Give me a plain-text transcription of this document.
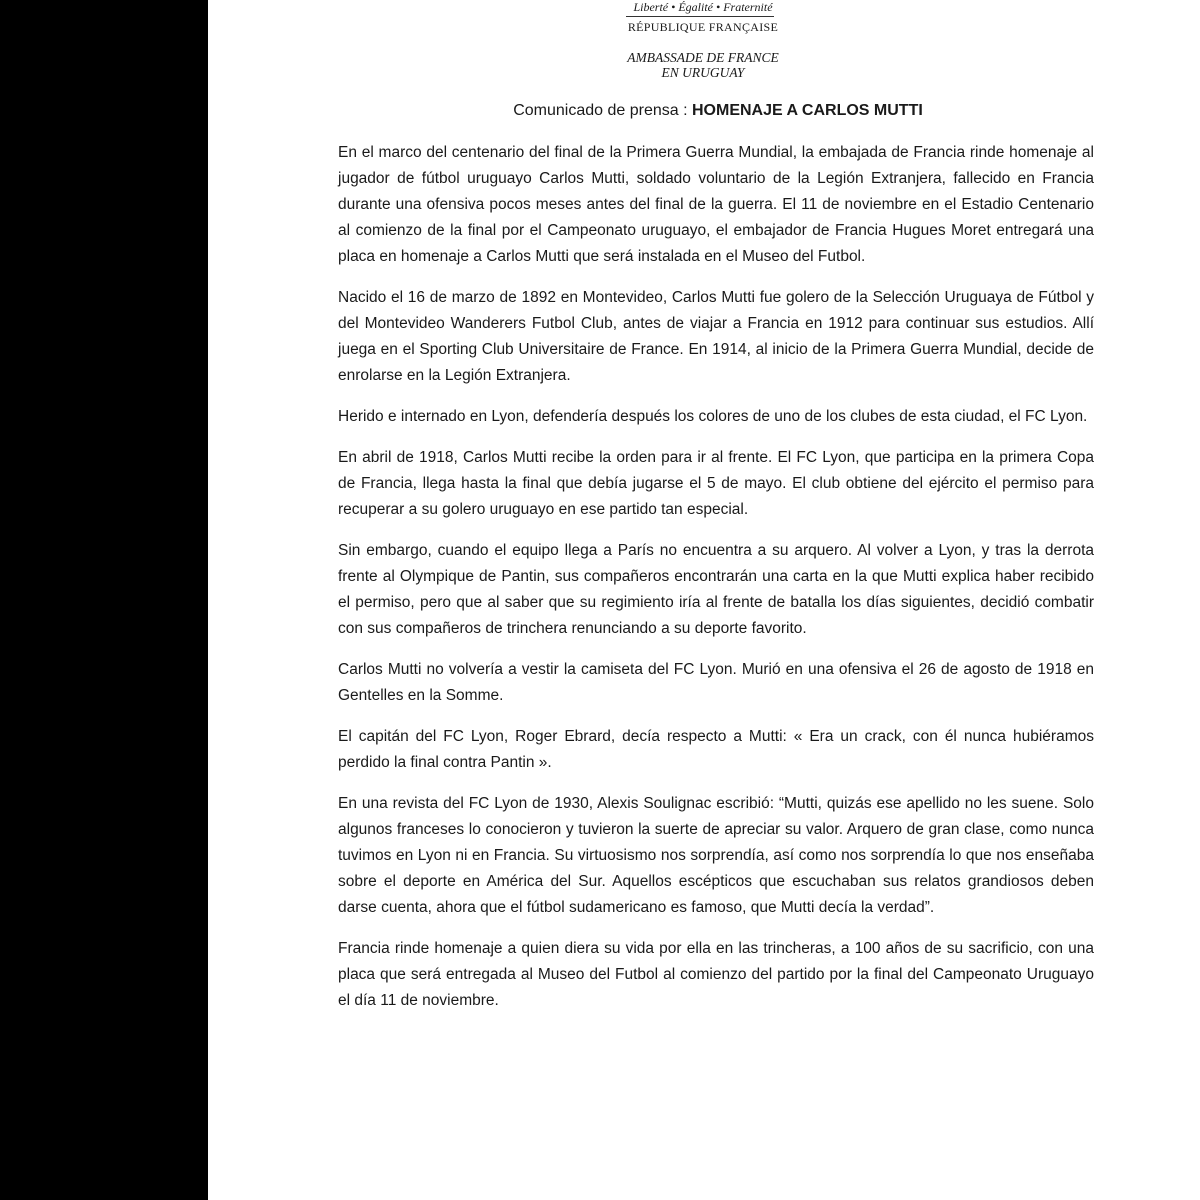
Liberté • Égalité • Fraternité
RÉPUBLIQUE FRANÇAISE
AMBASSADE DE FRANCE
EN URUGUAY
Comunicado de prensa : HOMENAJE A CARLOS MUTTI

En el marco del centenario del final de la Primera Guerra Mundial, la embajada de Francia rinde homenaje al jugador de fútbol uruguayo Carlos Mutti, soldado voluntario de la Legión Extranjera, fallecido en Francia durante una ofensiva pocos meses antes del final de la guerra. El 11 de noviembre en el Estadio Centenario al comienzo de la final por el Campeonato uruguayo, el embajador de Francia Hugues Moret entregará una placa en homenaje a Carlos Mutti que será instalada en el Museo del Futbol.

Nacido el 16 de marzo de 1892 en Montevideo, Carlos Mutti fue golero de la Selección Uruguaya de Fútbol y del Montevideo Wanderers Futbol Club, antes de viajar a Francia en 1912 para continuar sus estudios. Allí juega en el Sporting Club Universitaire de France. En 1914, al inicio de la Primera Guerra Mundial, decide de enrolarse en la Legión Extranjera.

Herido e internado en Lyon, defendería después los colores de uno de los clubes de esta ciudad, el FC Lyon.

En abril de 1918, Carlos Mutti recibe la orden para ir al frente. El FC Lyon, que participa en la primera Copa de Francia, llega hasta la final que debía jugarse el 5 de mayo. El club obtiene del ejército el permiso para recuperar a su golero uruguayo en ese partido tan especial.

Sin embargo, cuando el equipo llega a París no encuentra a su arquero. Al volver a Lyon, y tras la derrota frente al Olympique de Pantin, sus compañeros encontrarán una carta en la que Mutti explica haber recibido el permiso, pero que al saber que su regimiento iría al frente de batalla los días siguientes, decidió combatir con sus compañeros de trinchera renunciando a su deporte favorito.

Carlos Mutti no volvería a vestir la camiseta del FC Lyon. Murió en una ofensiva el 26 de agosto de 1918 en Gentelles en la Somme.

El capitán del FC Lyon, Roger Ebrard, decía respecto a Mutti: « Era un crack, con él nunca hubiéramos perdido la final contra Pantin ».

En una revista del FC Lyon de 1930, Alexis Soulignac escribió: “Mutti, quizás ese apellido no les suene. Solo algunos franceses lo conocieron y tuvieron la suerte de apreciar su valor. Arquero de gran clase, como nunca tuvimos en Lyon ni en Francia. Su virtuosismo nos sorprendía, así como nos sorprendía lo que nos enseñaba sobre el deporte en América del Sur. Aquellos escépticos que escuchaban sus relatos grandiosos deben darse cuenta, ahora que el fútbol sudamericano es famoso, que Mutti decía la verdad”.

Francia rinde homenaje a quien diera su vida por ella en las trincheras, a 100 años de su sacrificio, con una placa que será entregada al Museo del Futbol al comienzo del partido por la final del Campeonato Uruguayo el día 11 de noviembre.
